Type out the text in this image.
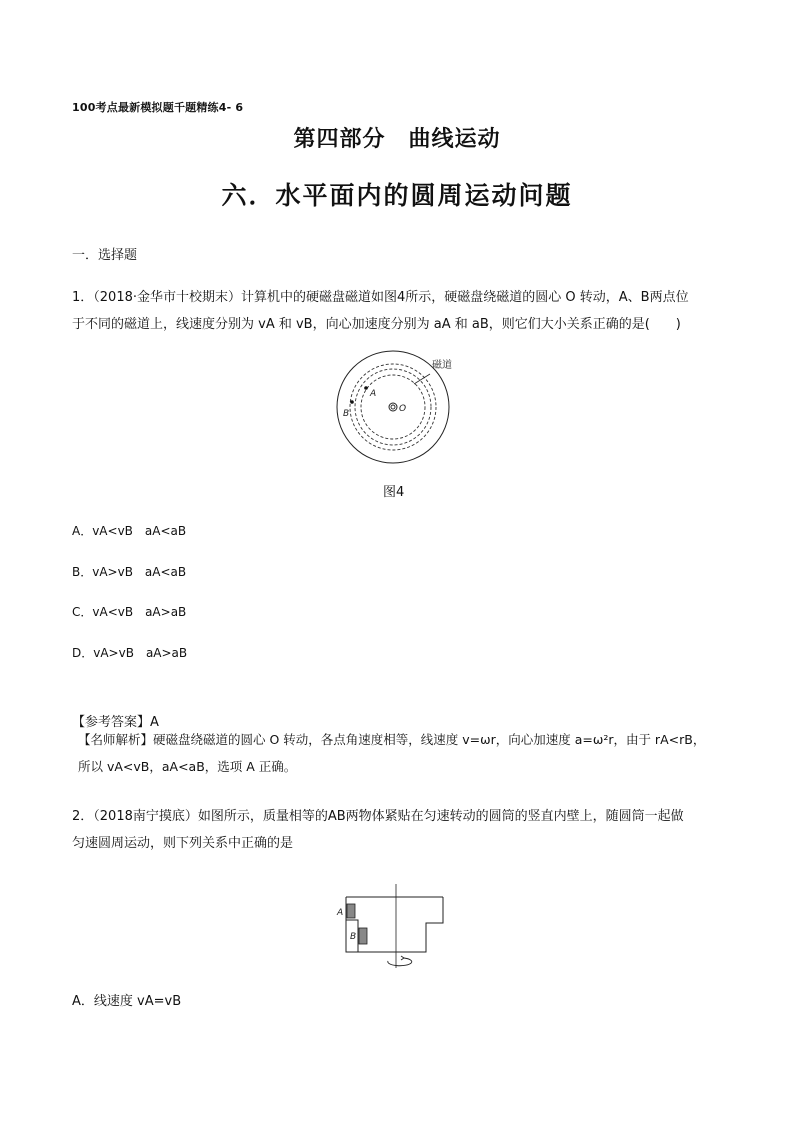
100考点最新模拟题千题精练4- 6
第四部分　曲线运动
六．水平面内的圆周运动问题
一．选择题
1．（2018·金华市十校期末）计算机中的硬磁盘磁道如图4所示，硬磁盘绕磁道的圆心 O 转动，A、B两点位
于不同的磁道上，线速度分别为 vA 和 vB，向心加速度分别为 aA 和 aB，则它们大小关系正确的是(　　)
磁道
A
B	O
图4
A．vA<vB　aA<aB
B．vA>vB　aA<aB
C．vA<vB　aA>aB
D．vA>vB　aA>aB
【参考答案】A
【名师解析】硬磁盘绕磁道的圆心 O 转动，各点角速度相等，线速度 v=ωr，向心加速度 a=ω²r，由于 rA<rB，
所以 vA<vB，aA<aB，选项 A 正确。
2．（2018南宁摸底）如图所示，质量相等的AB两物体紧贴在匀速转动的圆筒的竖直内壁上，随圆筒一起做
匀速圆周运动，则下列关系中正确的是
A
B
A．线速度 vA=vB
